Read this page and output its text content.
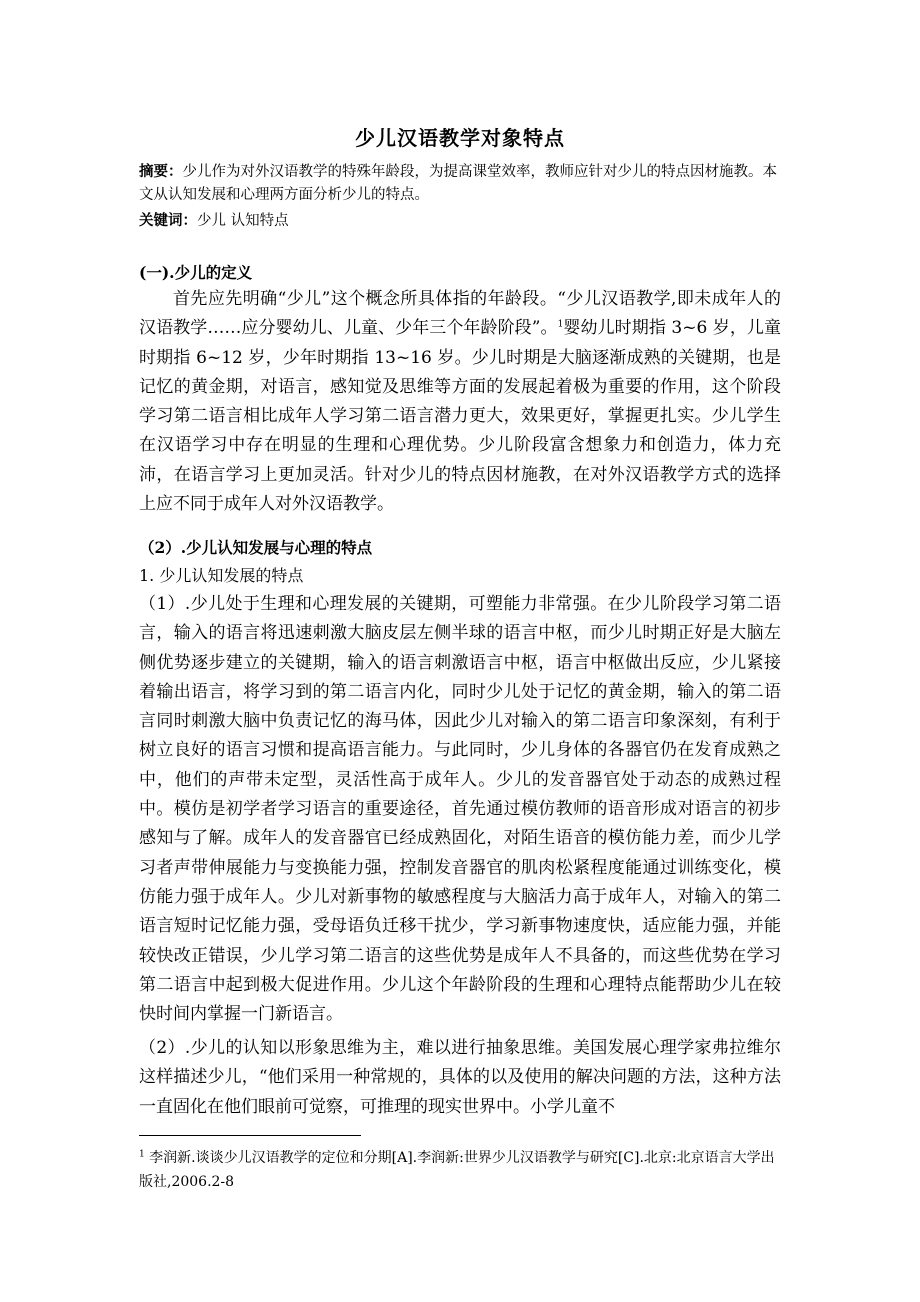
少儿汉语教学对象特点
摘要：少儿作为对外汉语教学的特殊年龄段，为提高课堂效率，教师应针对少儿的特点因材施教。本文从认知发展和心理两方面分析少儿的特点。
关键词：少儿 认知特点
(一).少儿的定义

首先应先明确“少儿”这个概念所具体指的年龄段。“少儿汉语教学,即未成年人的汉语教学……应分婴幼儿、儿童、少年三个年龄阶段”。$^1$婴幼儿时期指 3~6 岁，儿童时期指 6~12 岁，少年时期指 13~16 岁。少儿时期是大脑逐渐成熟的关键期，也是记忆的黄金期，对语言，感知觉及思维等方面的发展起着极为重要的作用，这个阶段学习第二语言相比成年人学习第二语言潜力更大，效果更好，掌握更扎实。少儿学生在汉语学习中存在明显的生理和心理优势。少儿阶段富含想象力和创造力，体力充沛，在语言学习上更加灵活。针对少儿的特点因材施教，在对外汉语教学方式的选择上应不同于成年人对外汉语教学。

（2）.少儿认知发展与心理的特点
1. 少儿认知发展的特点

（1）.少儿处于生理和心理发展的关键期，可塑能力非常强。在少儿阶段学习第二语言，输入的语言将迅速刺激大脑皮层左侧半球的语言中枢，而少儿时期正好是大脑左侧优势逐步建立的关键期，输入的语言刺激语言中枢，语言中枢做出反应，少儿紧接着输出语言，将学习到的第二语言内化，同时少儿处于记忆的黄金期，输入的第二语言同时刺激大脑中负责记忆的海马体，因此少儿对输入的第二语言印象深刻，有利于树立良好的语言习惯和提高语言能力。与此同时，少儿身体的各器官仍在发育成熟之中，他们的声带未定型，灵活性高于成年人。少儿的发音器官处于动态的成熟过程中。模仿是初学者学习语言的重要途径，首先通过模仿教师的语音形成对语言的初步感知与了解。成年人的发音器官已经成熟固化，对陌生语音的模仿能力差，而少儿学习者声带伸展能力与变换能力强，控制发音器官的肌肉松紧程度能通过训练变化，模仿能力强于成年人。少儿对新事物的敏感程度与大脑活力高于成年人，对输入的第二语言短时记忆能力强，受母语负迁移干扰少，学习新事物速度快，适应能力强，并能较快改正错误，少儿学习第二语言的这些优势是成年人不具备的，而这些优势在学习第二语言中起到极大促进作用。少儿这个年龄阶段的生理和心理特点能帮助少儿在较快时间内掌握一门新语言。

（2）.少儿的认知以形象思维为主，难以进行抽象思维。美国发展心理学家弗拉维尔这样描述少儿，“他们采用一种常规的，具体的以及使用的解决问题的方法，这种方法一直固化在他们眼前可觉察，可推理的现实世界中。小学儿童不

$^1$ 李润新.谈谈少儿汉语教学的定位和分期[A].李润新:世界少儿汉语教学与研究[C].北京:北京语言大学出版社,2006.2-8
